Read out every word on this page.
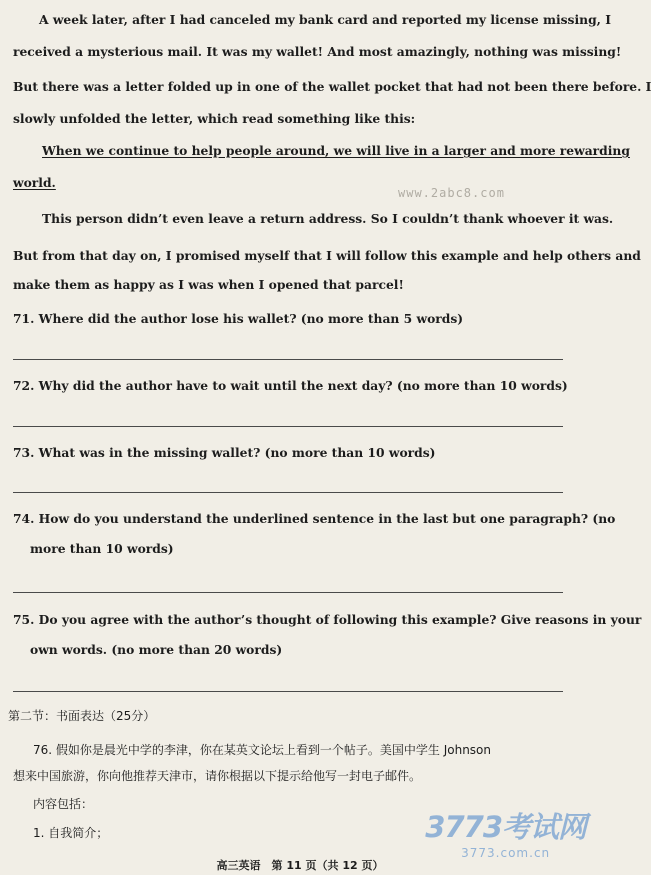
A week later, after I had canceled my bank card and reported my license missing, I
received a mysterious mail. It was my wallet! And most amazingly, nothing was missing!
But there was a letter folded up in one of the wallet pocket that had not been there before. I
slowly unfolded the letter, which read something like this:
When we continue to help people around, we will live in a larger and more rewarding
world.
www.2abc8.com
This person didn’t even leave a return address. So I couldn’t thank whoever it was.
But from that day on, I promised myself that I will follow this example and help others and
make them as happy as I was when I opened that parcel!
71. Where did the author lose his wallet? (no more than 5 words)
72. Why did the author have to wait until the next day? (no more than 10 words)
73. What was in the missing wallet? (no more than 10 words)
74. How do you understand the underlined sentence in the last but one paragraph? (no
more than 10 words)
75. Do you agree with the author’s thought of following this example? Give reasons in your
own words. (no more than 20 words)
第二节：书面表达（25分）
76. 假如你是晨光中学的李津，你在某英文论坛上看到一个帖子。美国中学生 Johnson
想来中国旅游，你向他推荐天津市，请你根据以下提示给他写一封电子邮件。
内容包括：
1. 自我简介；
高三英语　第 11 页（共 12 页）
3773考试网
3773.com.cn
